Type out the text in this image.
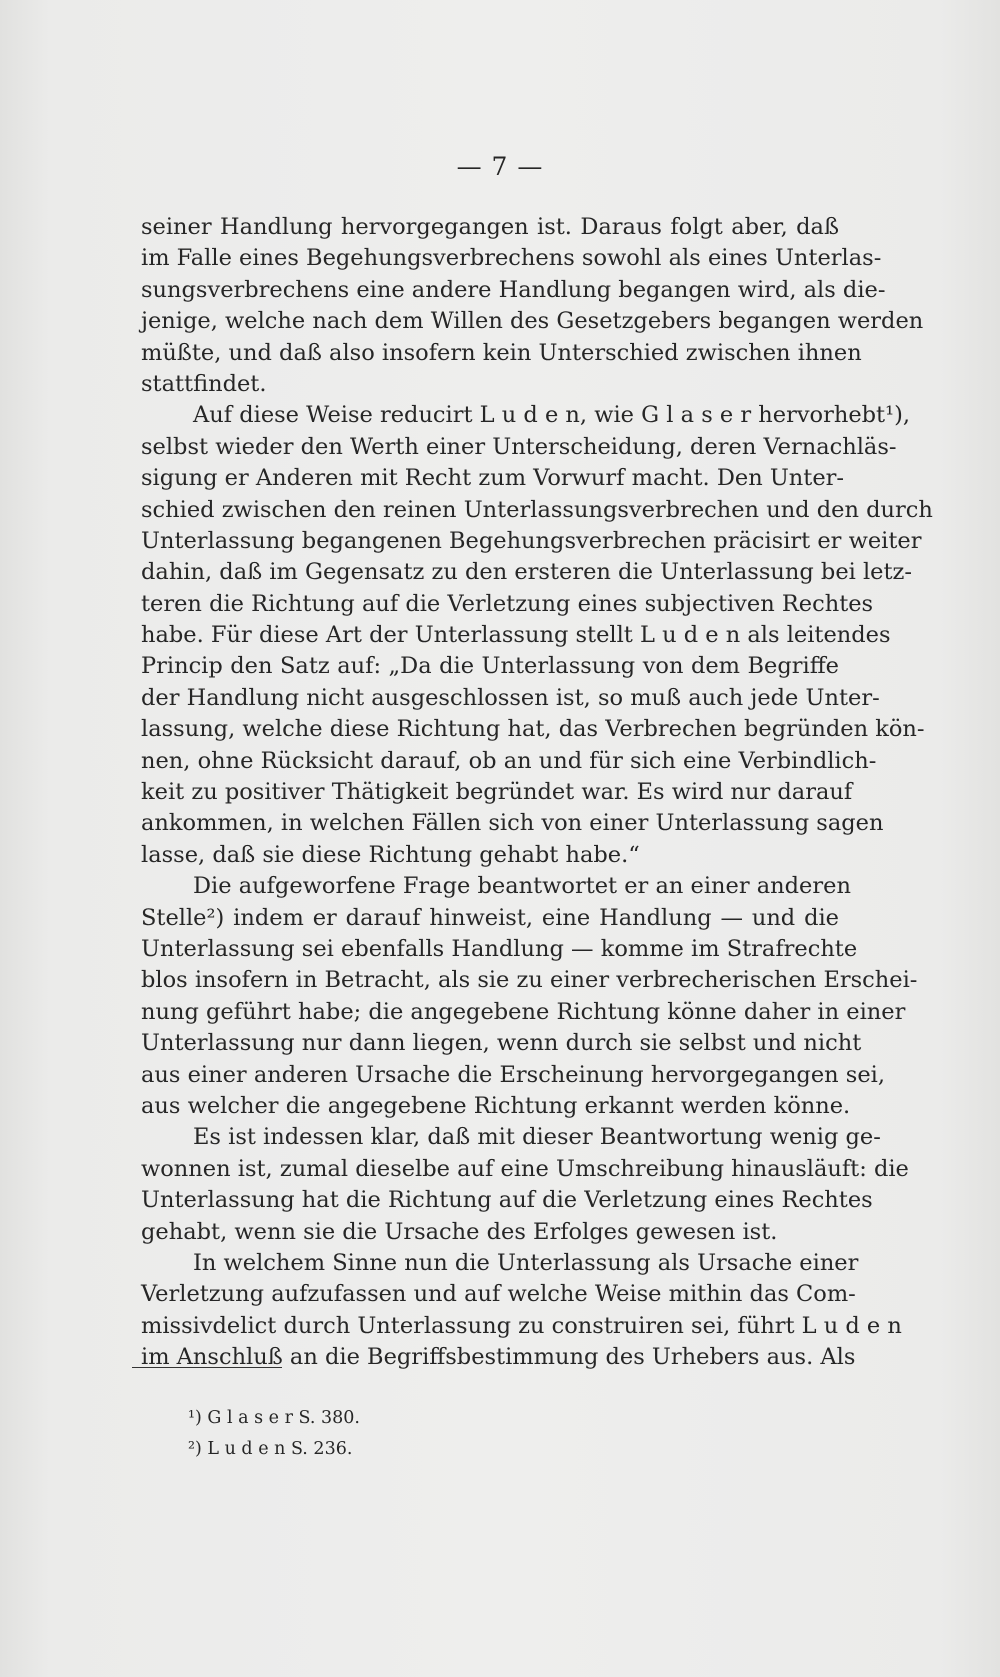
— 7 —
seiner Handlung hervorgegangen ist. Daraus folgt aber, daß
im Falle eines Begehungsverbrechens sowohl als eines Unterlas-
sungsverbrechens eine andere Handlung begangen wird, als die-
jenige, welche nach dem Willen des Gesetzgebers begangen werden
müßte, und daß also insofern kein Unterschied zwischen ihnen
stattfindet.
Auf diese Weise reducirt L u d e n, wie G l a s e r hervorhebt¹),
selbst wieder den Werth einer Unterscheidung, deren Vernachläs-
sigung er Anderen mit Recht zum Vorwurf macht. Den Unter-
schied zwischen den reinen Unterlassungsverbrechen und den durch
Unterlassung begangenen Begehungsverbrechen präcisirt er weiter
dahin, daß im Gegensatz zu den ersteren die Unterlassung bei letz-
teren die Richtung auf die Verletzung eines subjectiven Rechtes
habe. Für diese Art der Unterlassung stellt L u d e n als leitendes
Princip den Satz auf: „Da die Unterlassung von dem Begriffe
der Handlung nicht ausgeschlossen ist, so muß auch jede Unter-
lassung, welche diese Richtung hat, das Verbrechen begründen kön-
nen, ohne Rücksicht darauf, ob an und für sich eine Verbindlich-
keit zu positiver Thätigkeit begründet war. Es wird nur darauf
ankommen, in welchen Fällen sich von einer Unterlassung sagen
lasse, daß sie diese Richtung gehabt habe.“
Die aufgeworfene Frage beantwortet er an einer anderen
Stelle²) indem er darauf hinweist, eine Handlung — und die
Unterlassung sei ebenfalls Handlung — komme im Strafrechte
blos insofern in Betracht, als sie zu einer verbrecherischen Erschei-
nung geführt habe; die angegebene Richtung könne daher in einer
Unterlassung nur dann liegen, wenn durch sie selbst und nicht
aus einer anderen Ursache die Erscheinung hervorgegangen sei,
aus welcher die angegebene Richtung erkannt werden könne.
Es ist indessen klar, daß mit dieser Beantwortung wenig ge-
wonnen ist, zumal dieselbe auf eine Umschreibung hinausläuft: die
Unterlassung hat die Richtung auf die Verletzung eines Rechtes
gehabt, wenn sie die Ursache des Erfolges gewesen ist.
In welchem Sinne nun die Unterlassung als Ursache einer
Verletzung aufzufassen und auf welche Weise mithin das Com-
missivdelict durch Unterlassung zu construiren sei, führt L u d e n
im Anschluß an die Begriffsbestimmung des Urhebers aus. Als
¹) G l a s e r S. 380.
²) L u d e n S. 236.
